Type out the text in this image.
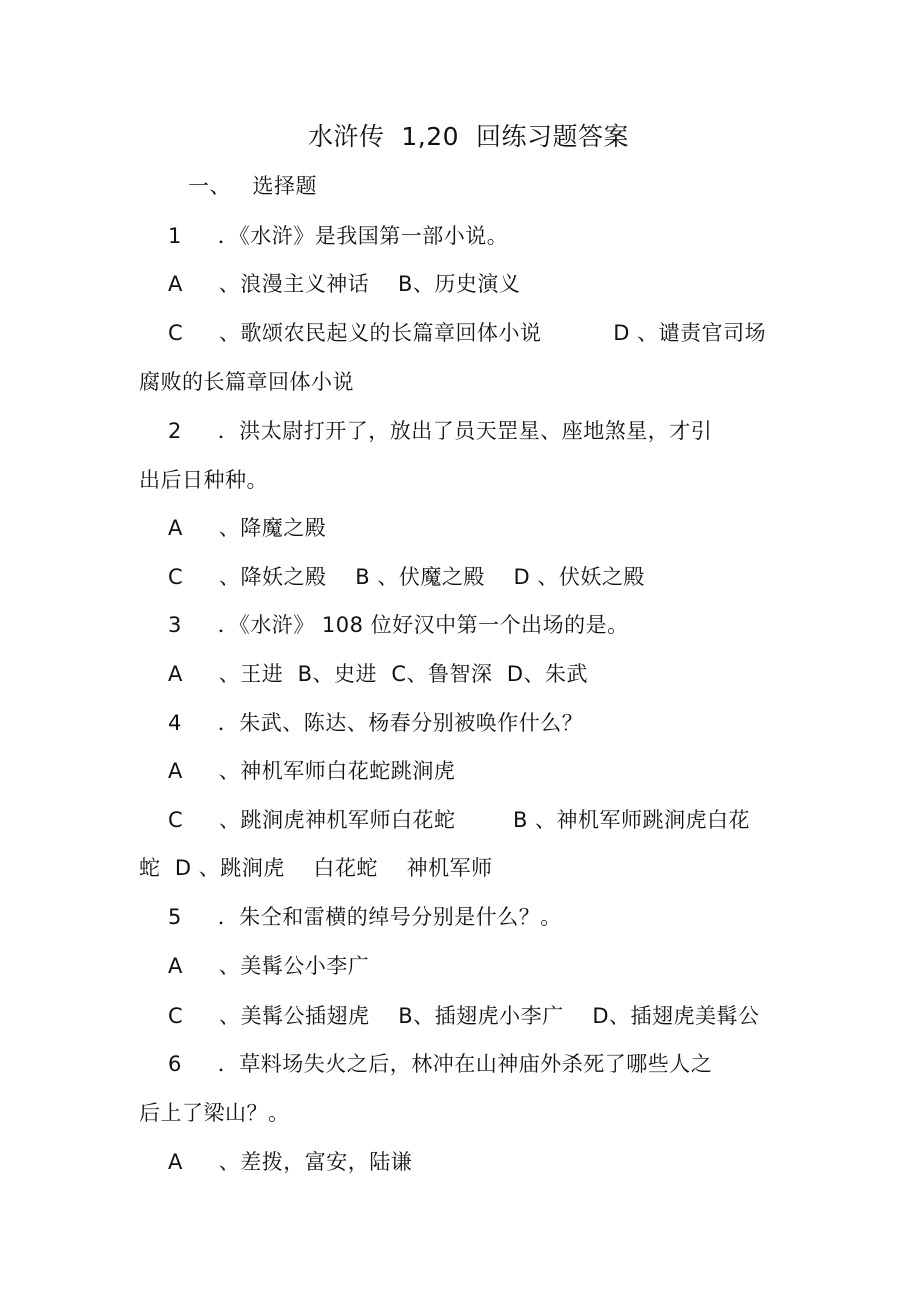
水浒传  1,20  回练习题答案
一、   选择题
1     ．《水浒》是我国第一部小说。
A     、浪漫主义神话    B、历史演义
C     、歌颂农民起义的长篇章回体小说          D 、谴责官司场
腐败的长篇章回体小说
2     ．洪太尉打开了，放出了员天罡星、座地煞星，才引
出后日种种。
A     、降魔之殿
C     、降妖之殿    B 、伏魔之殿    D 、伏妖之殿
3     ．《水浒》 108 位好汉中第一个出场的是。
A     、王进  B、史进  C、鲁智深  D、朱武
4     ．朱武、陈达、杨春分别被唤作什么？
A     、神机军师白花蛇跳涧虎
C     、跳涧虎神机军师白花蛇        B 、神机军师跳涧虎白花
蛇  D 、跳涧虎    白花蛇    神机军师
5     ．朱仝和雷横的绰号分别是什么？。
A     、美髯公小李广
C     、美髯公插翅虎    B、插翅虎小李广    D、插翅虎美髯公
6     ．草料场失火之后，林冲在山神庙外杀死了哪些人之
后上了梁山？。
A     、差拨，富安，陆谦
